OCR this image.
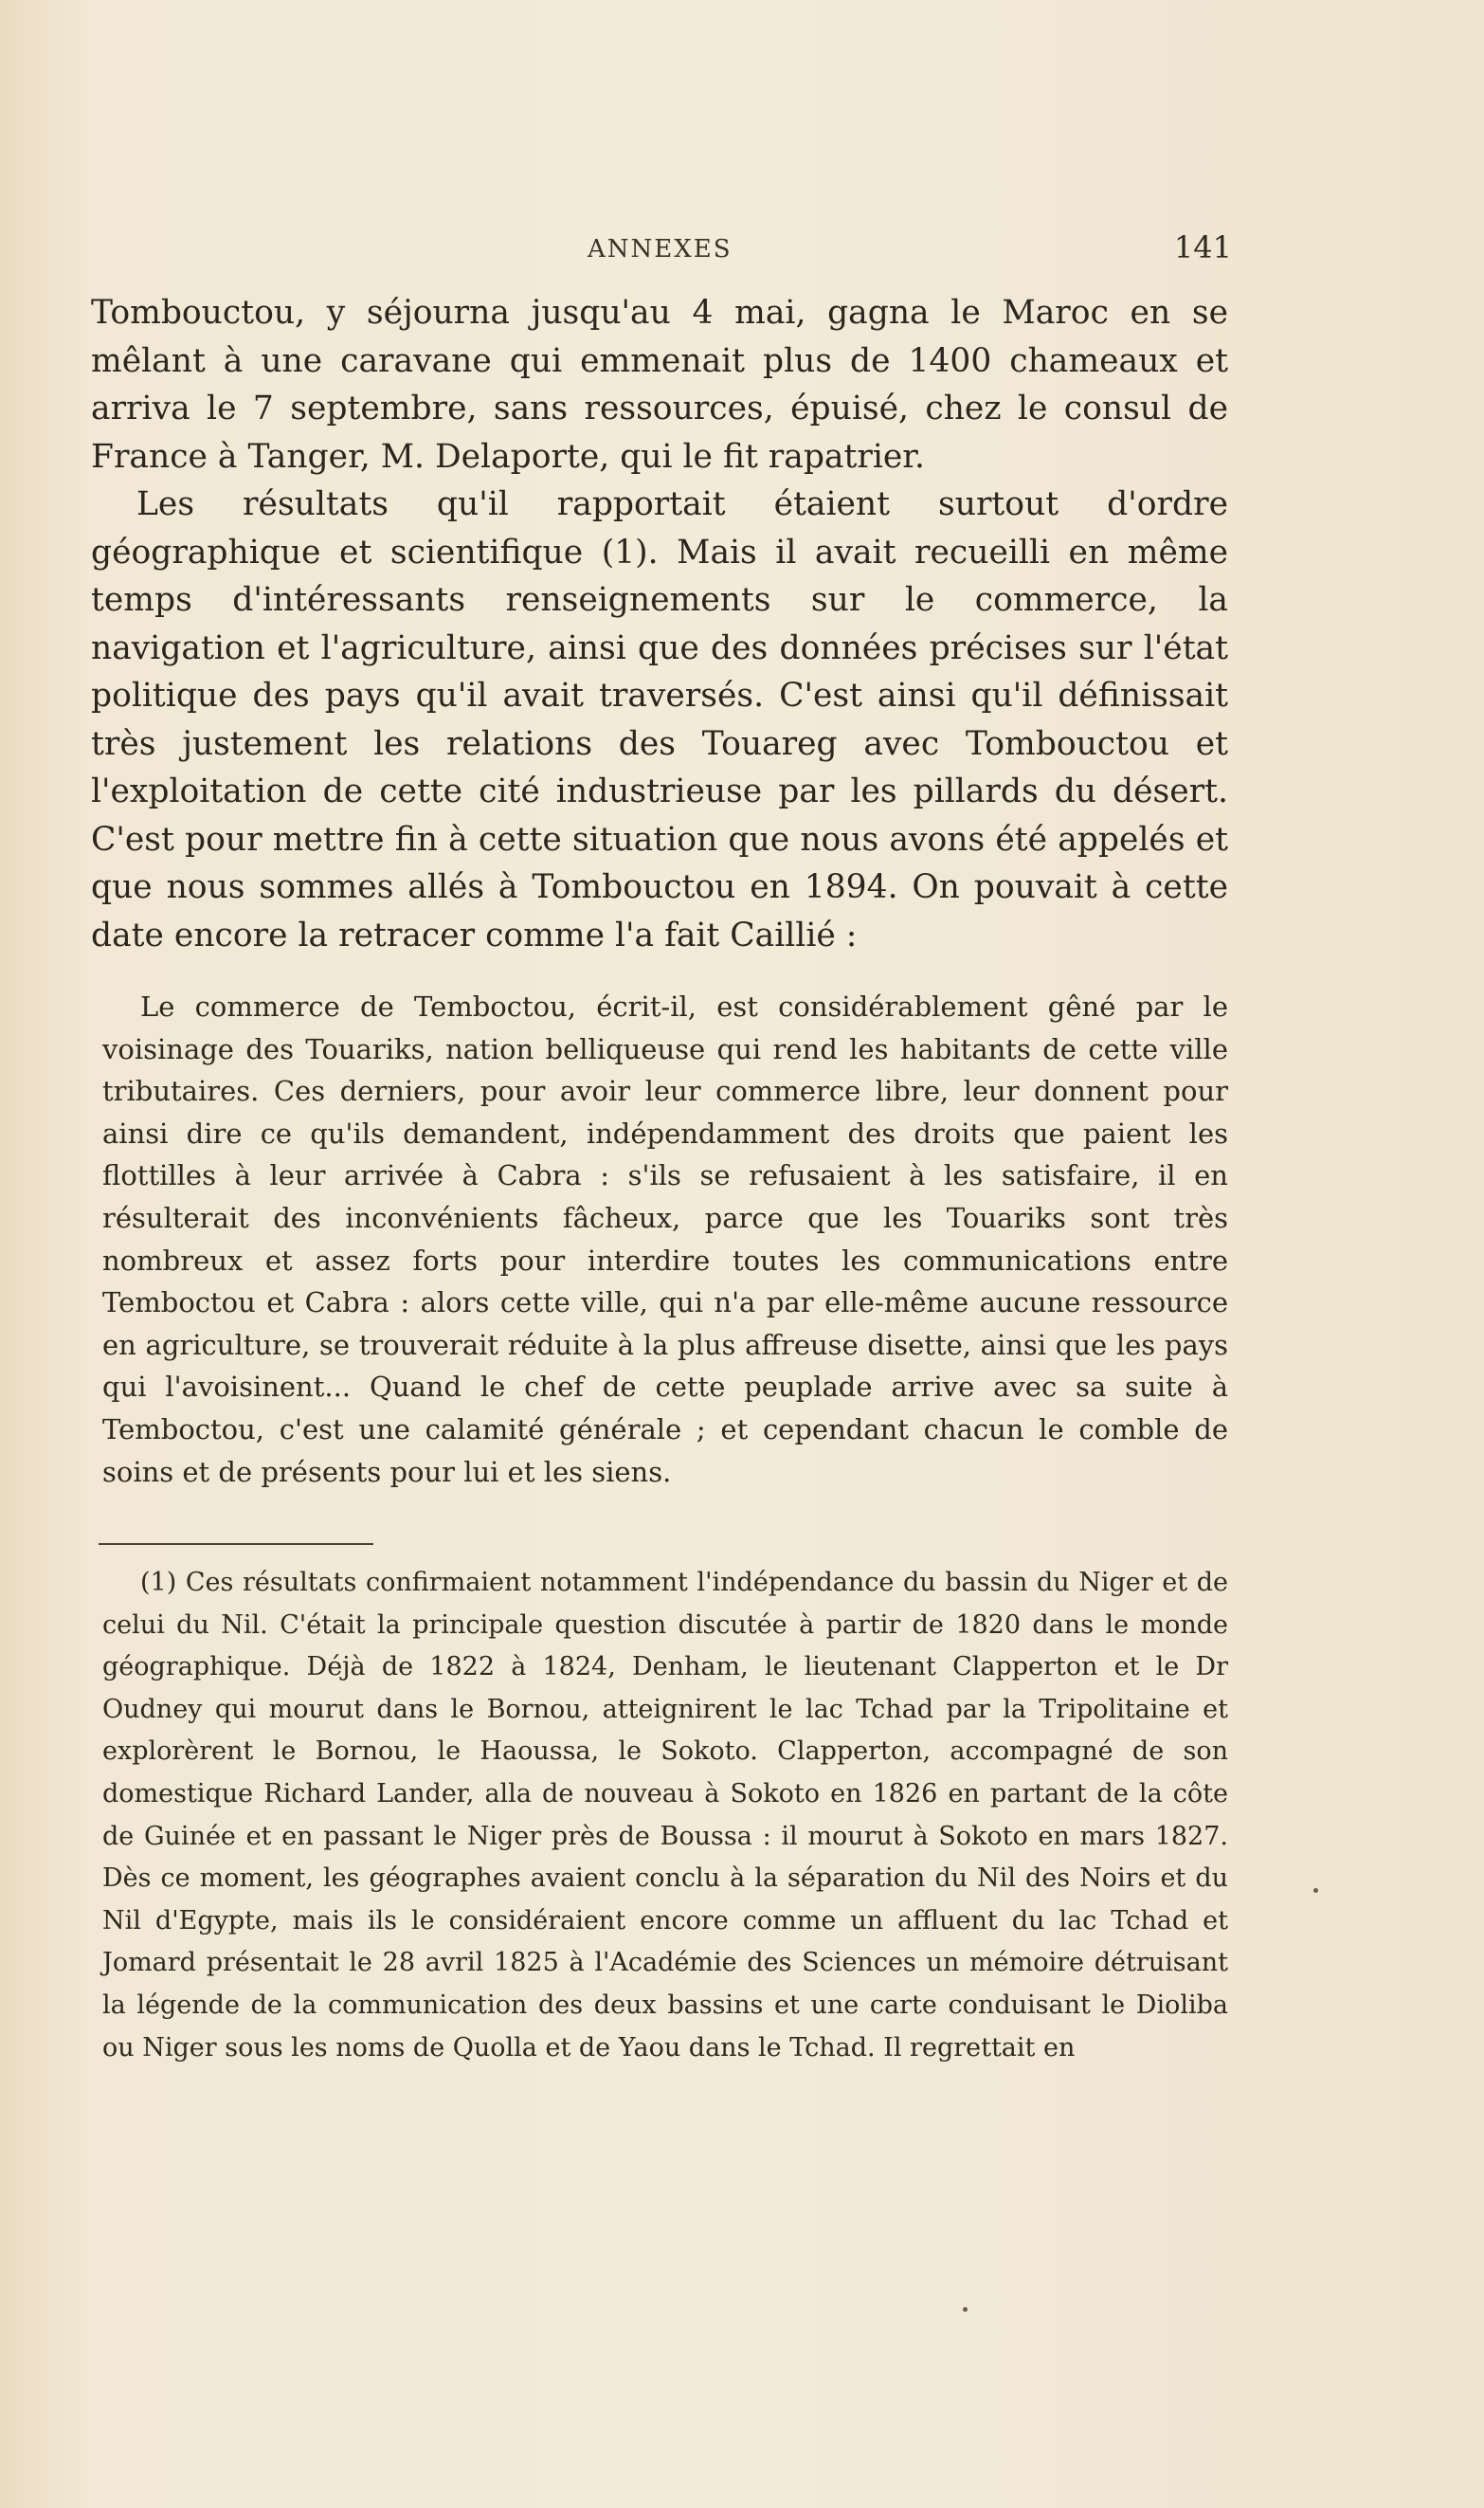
ANNEXES	141

Tombouctou, y séjourna jusqu'au 4 mai, gagna le Maroc en se mêlant à une caravane qui emmenait plus de 1400 chameaux et arriva le 7 septembre, sans ressources, épuisé, chez le consul de France à Tanger, M. Delaporte, qui le fit rapatrier.

Les résultats qu'il rapportait étaient surtout d'ordre géographique et scientifique (1). Mais il avait recueilli en même temps d'intéressants renseignements sur le commerce, la navigation et l'agriculture, ainsi que des données précises sur l'état politique des pays qu'il avait traversés. C'est ainsi qu'il définissait très justement les relations des Touareg avec Tombouctou et l'exploitation de cette cité industrieuse par les pillards du désert. C'est pour mettre fin à cette situation que nous avons été appelés et que nous sommes allés à Tombouctou en 1894. On pouvait à cette date encore la retracer comme l'a fait Caillié :

Le commerce de Temboctou, écrit-il, est considérablement gêné par le voisinage des Touariks, nation belliqueuse qui rend les habitants de cette ville tributaires. Ces derniers, pour avoir leur commerce libre, leur donnent pour ainsi dire ce qu'ils demandent, indépendamment des droits que paient les flottilles à leur arrivée à Cabra : s'ils se refusaient à les satisfaire, il en résulterait des inconvénients fâcheux, parce que les Touariks sont très nombreux et assez forts pour interdire toutes les communications entre Temboctou et Cabra : alors cette ville, qui n'a par elle-même aucune ressource en agriculture, se trouverait réduite à la plus affreuse disette, ainsi que les pays qui l'avoisinent... Quand le chef de cette peuplade arrive avec sa suite à Temboctou, c'est une calamité générale ; et cependant chacun le comble de soins et de présents pour lui et les siens.

(1) Ces résultats confirmaient notamment l'indépendance du bassin du Niger et de celui du Nil. C'était la principale question discutée à partir de 1820 dans le monde géographique. Déjà de 1822 à 1824, Denham, le lieutenant Clapperton et le Dr Oudney qui mourut dans le Bornou, atteignirent le lac Tchad par la Tripolitaine et explorèrent le Bornou, le Haoussa, le Sokoto. Clapperton, accompagné de son domestique Richard Lander, alla de nouveau à Sokoto en 1826 en partant de la côte de Guinée et en passant le Niger près de Boussa : il mourut à Sokoto en mars 1827. Dès ce moment, les géographes avaient conclu à la séparation du Nil des Noirs et du Nil d'Egypte, mais ils le considéraient encore comme un affluent du lac Tchad et Jomard présentait le 28 avril 1825 à l'Académie des Sciences un mémoire détruisant la légende de la communication des deux bassins et une carte conduisant le Dioliba ou Niger sous les noms de Quolla et de Yaou dans le Tchad. Il regrettait en
